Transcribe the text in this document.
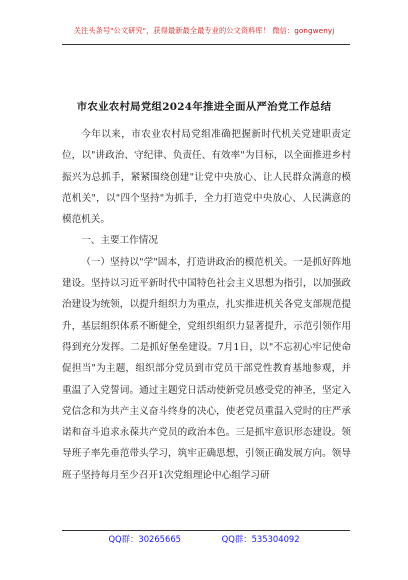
关注头条号"公文研究"，获得最新最全最专业的公文资料库！ 微信：gongwenyj
市农业农村局党组2024年推进全面从严治党工作总结

今年以来，市农业农村局党组准确把握新时代机关党建职责定位，以"讲政治、守纪律、负责任、有效率"为目标，以全面推进乡村振兴为总抓手，紧紧围绕创建"让党中央放心、让人民群众满意的模范机关"，以"四个坚持"为抓手，全力打造党中央放心、人民满意的模范机关。

一、主要工作情况

（一）坚持以"学"固本，打造讲政治的模范机关。一是抓好阵地建设。坚持以习近平新时代中国特色社会主义思想为指引，以加强政治建设为统领，以提升组织力为重点，扎实推进机关各党支部规范提升，基层组织体系不断健全，党组织组织力显著提升，示范引领作用得到充分发挥。二是抓好堡垒建设。7月1日，以"不忘初心牢记使命促担当"为主题，组织部分党员到市党员干部党性教育基地参观，并重温了入党誓词。通过主题党日活动使新党员感受党的神圣，坚定入党信念和为共产主义奋斗终身的决心，使老党员重温入党时的庄严承诺和奋斗追求永葆共产党员的政治本色。三是抓牢意识形态建设。领导班子率先垂范带头学习，筑牢正确思想，引领正确发展方向。领导班子坚持每月至少召开1次党组理论中心组学习研

QQ群：30265665	QQ群：535304092
